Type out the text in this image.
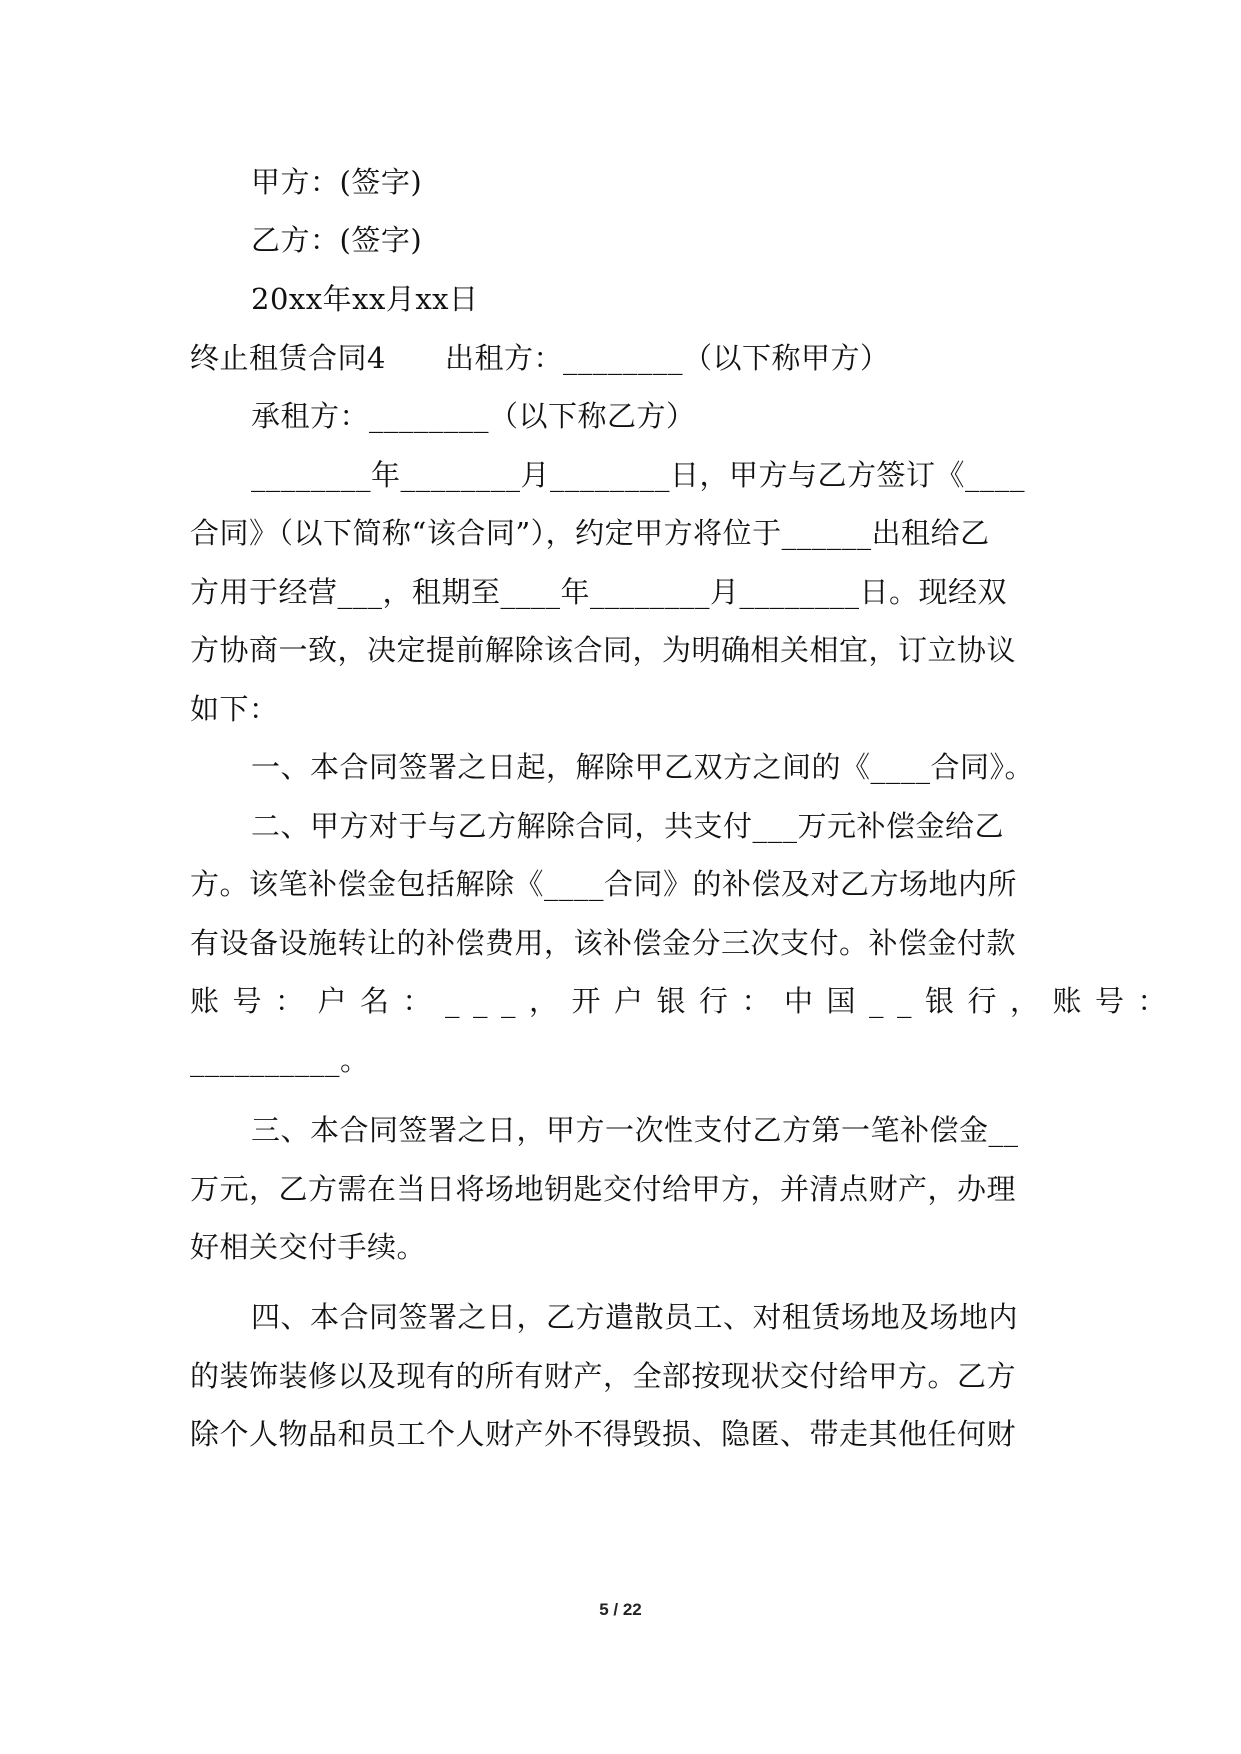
甲方：(签字)
乙方：(签字)
20xx年xx月xx日
终止租赁合同4　　出租方：________（以下称甲方）
承租方：________（以下称乙方）
________年________月________日，甲方与乙方签订《____
合同》（以下简称“该合同”），约定甲方将位于______出租给乙
方用于经营___，租期至____年________月________日。现经双
方协商一致，决定提前解除该合同，为明确相关相宜，订立协议
如下：
一、本合同签署之日起，解除甲乙双方之间的《____合同》。
二、甲方对于与乙方解除合同，共支付___万元补偿金给乙
方。该笔补偿金包括解除《____合同》的补偿及对乙方场地内所
有设备设施转让的补偿费用，该补偿金分三次支付。补偿金付款
账号：户名：___，开户银行：中国__银行，账号：
__________。
三、本合同签署之日，甲方一次性支付乙方第一笔补偿金__
万元，乙方需在当日将场地钥匙交付给甲方，并清点财产，办理
好相关交付手续。
四、本合同签署之日，乙方遣散员工、对租赁场地及场地内
的装饰装修以及现有的所有财产，全部按现状交付给甲方。乙方
除个人物品和员工个人财产外不得毁损、隐匿、带走其他任何财
5 / 22
